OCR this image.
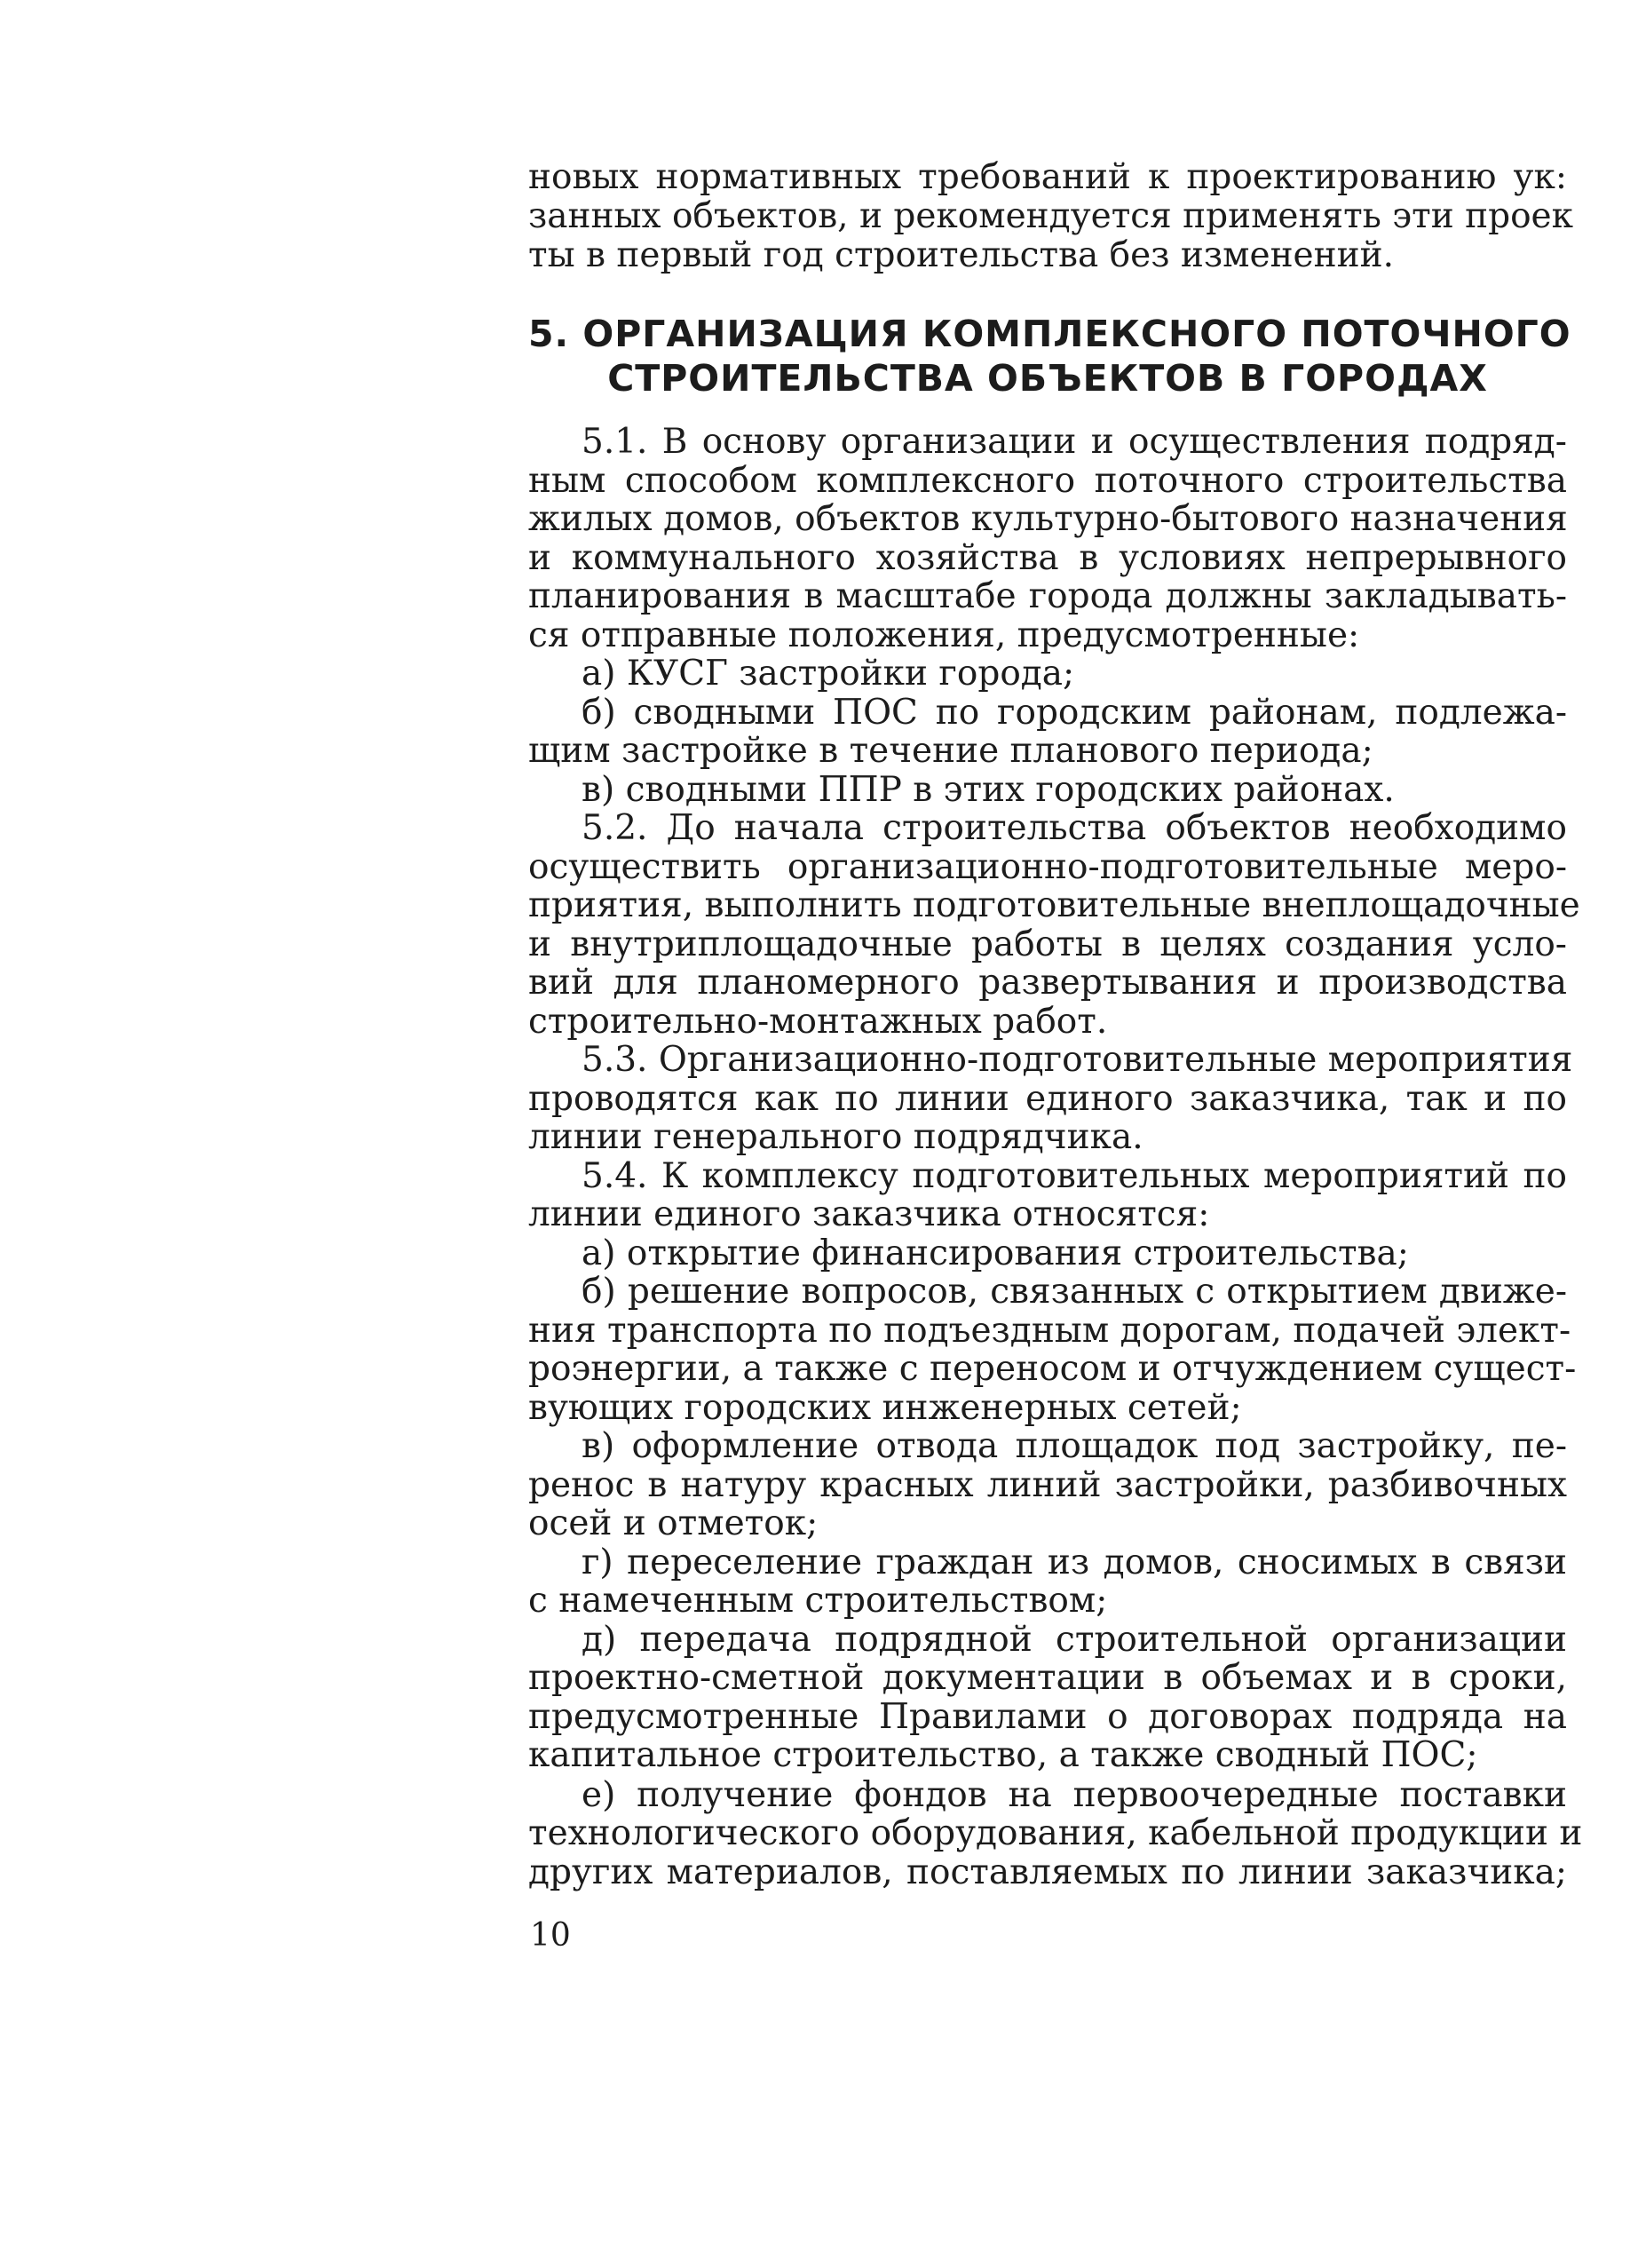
новых нормативных требований к проектированию ук:
занных объектов, и рекомендуется применять эти проек
ты в первый год строительства без изменений.
5. ОРГАНИЗАЦИЯ КОМПЛЕКСНОГО ПОТОЧНОГО
СТРОИТЕЛЬСТВА ОБЪЕКТОВ В ГОРОДАХ
5.1. В основу организации и осуществления подряд-
ным способом комплексного поточного строительства
жилых домов, объектов культурно-бытового назначения
и коммунального хозяйства в условиях непрерывного
планирования в масштабе города должны закладывать-
ся отправные положения, предусмотренные:
а) КУСГ застройки города;
б) сводными ПОС по городским районам, подлежа-
щим застройке в течение планового периода;
в) сводными ППР в этих городских районах.
5.2. До начала строительства объектов необходимо
осуществить организационно-подготовительные меро-
приятия, выполнить подготовительные внеплощадочные
и внутриплощадочные работы в целях создания усло-
вий для планомерного развертывания и производства
строительно-монтажных работ.
5.3. Организационно-подготовительные мероприятия
проводятся как по линии единого заказчика, так и по
линии генерального подрядчика.
5.4. К комплексу подготовительных мероприятий по
линии единого заказчика относятся:
а) открытие финансирования строительства;
б) решение вопросов, связанных с открытием движе-
ния транспорта по подъездным дорогам, подачей элект-
роэнергии, а также с переносом и отчуждением сущест-
вующих городских инженерных сетей;
в) оформление отвода площадок под застройку, пе-
ренос в натуру красных линий застройки, разбивочных
осей и отметок;
г) переселение граждан из домов, сносимых в связи
с намеченным строительством;
д) передача подрядной строительной организации
проектно-сметной документации в объемах и в сроки,
предусмотренные Правилами о договорах подряда на
капитальное строительство, а также сводный ПОС;
е) получение фондов на первоочередные поставки
технологического оборудования, кабельной продукции и
других материалов, поставляемых по линии заказчика;
10
